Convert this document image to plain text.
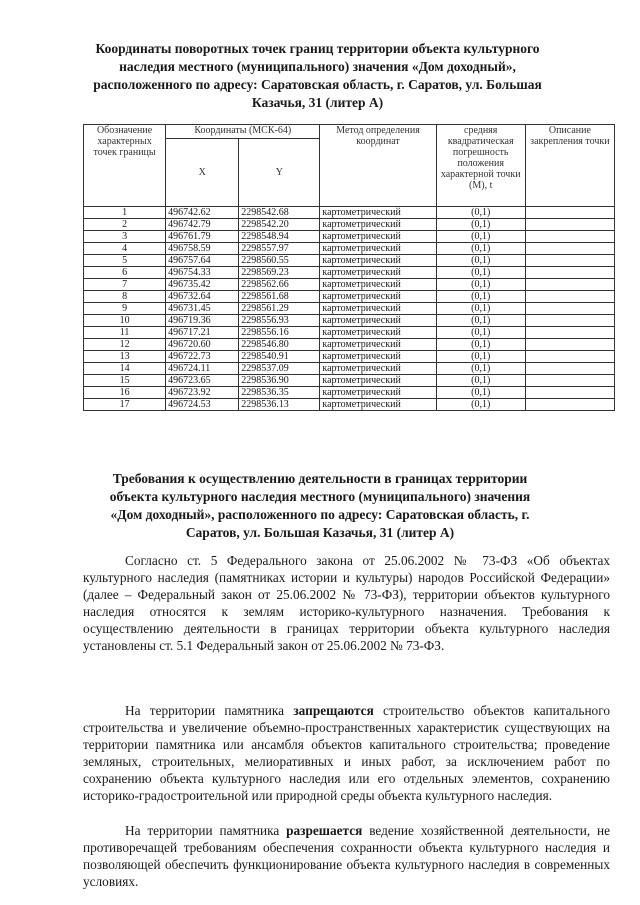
Координаты поворотных точек границ территории объекта культурного наследия местного (муниципального) значения «Дом доходный», расположенного по адресу: Саратовская область, г. Саратов, ул. Большая Казачья, 31 (литер А)
Обозначение характерных точек границы	Координаты (МСК-64)		Метод определения координат	средняя квадратическая погрешность положения характерной точки (М), t	Описание закрепления точки
	X	Y			
1	496742.62	2298542.68	картометрический	(0,1)	
2	496742.79	2298542.20	картометрический	(0,1)	
3	496761.79	2298548.94	картометрический	(0,1)	
4	496758.59	2298557.97	картометрический	(0,1)	
5	496757.64	2298560.55	картометрический	(0,1)	
6	496754.33	2298569.23	картометрический	(0,1)	
7	496735.42	2298562.66	картометрический	(0,1)	
8	496732.64	2298561.68	картометрический	(0,1)	
9	496731.45	2298561.29	картометрический	(0,1)	
10	496719.36	2298556.93	картометрический	(0,1)	
11	496717.21	2298556.16	картометрический	(0,1)	
12	496720.60	2298546.80	картометрический	(0,1)	
13	496722.73	2298540.91	картометрический	(0,1)	
14	496724.11	2298537.09	картометрический	(0,1)	
15	496723.65	2298536.90	картометрический	(0,1)	
16	496723.92	2298536.35	картометрический	(0,1)	
17	496724.53	2298536.13	картометрический	(0,1)	
Требования к осуществлению деятельности в границах территории объекта культурного наследия местного (муниципального) значения «Дом доходный», расположенного по адресу: Саратовская область, г. Саратов, ул. Большая Казачья, 31 (литер А)

Согласно ст. 5 Федерального закона от 25.06.2002 № 73-ФЗ «Об объектах культурного наследия (памятниках истории и культуры) народов Российской Федерации» (далее – Федеральный закон от 25.06.2002 № 73-ФЗ), территории объектов культурного наследия относятся к землям историко-культурного назначения. Требования к осуществлению деятельности в границах территории объекта культурного наследия установлены ст. 5.1 Федеральный закон от 25.06.2002 № 73-ФЗ.

На территории памятника запрещаются строительство объектов капитального строительства и увеличение объемно-пространственных характеристик существующих на территории памятника или ансамбля объектов капитального строительства; проведение земляных, строительных, мелиоративных и иных работ, за исключением работ по сохранению объекта культурного наследия или его отдельных элементов, сохранению историко-градостроительной или природной среды объекта культурного наследия.

На территории памятника разрешается ведение хозяйственной деятельности, не противоречащей требованиям обеспечения сохранности объекта культурного наследия и позволяющей обеспечить функционирование объекта культурного наследия в современных условиях.
